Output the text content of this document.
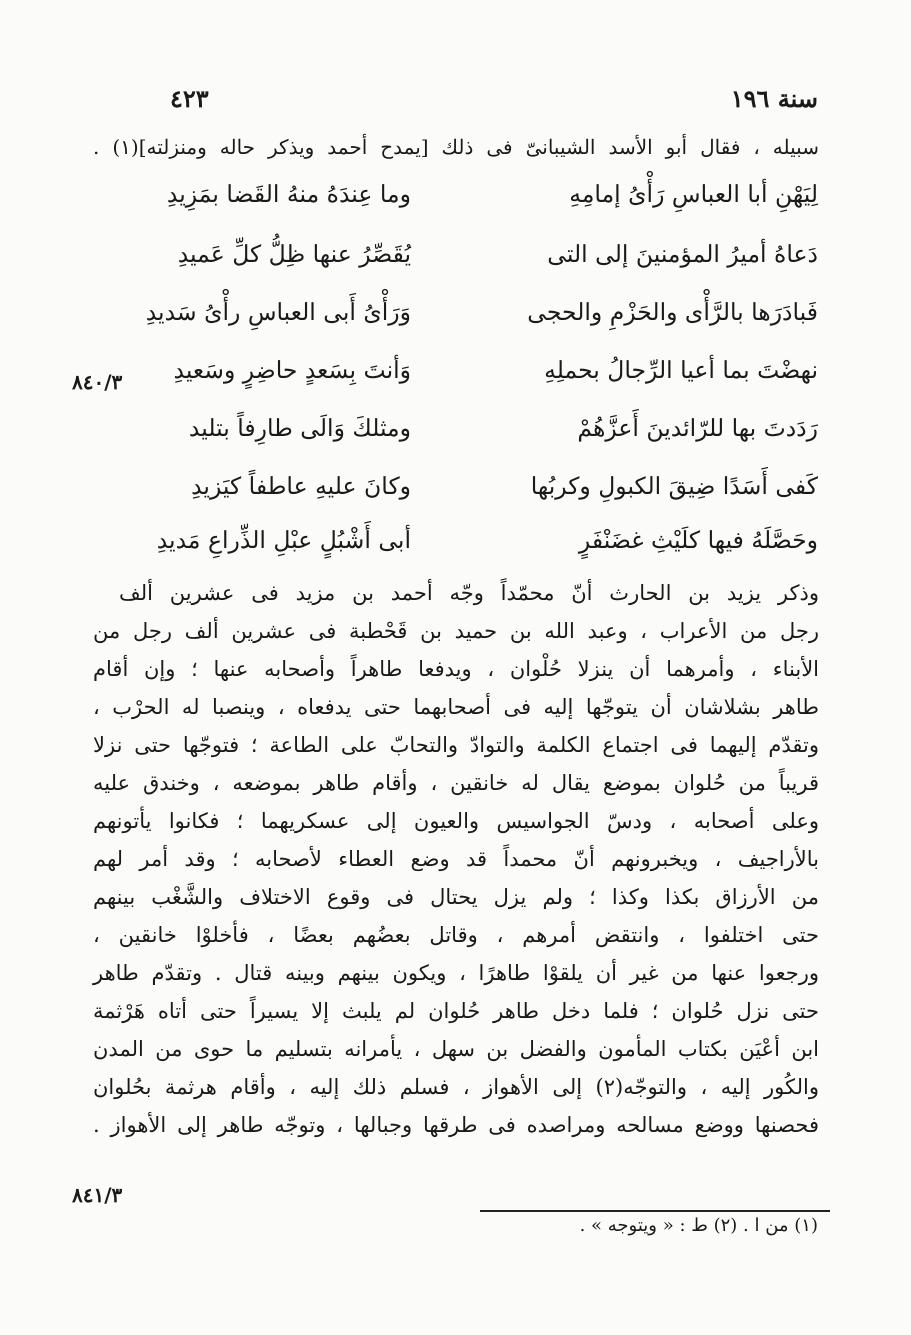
٤٢٣	سنة ١٩٦
سبيله ، فقال أبو الأسد الشيبانىّ فى ذلك [يمدح أحمد ويذكر حاله ومنزلته](١) .
لِيَهْنِ أبا العباسِ رَأْىُ إمامِهِ
وما عِندَهُ منهُ القَضا بمَزِيدِ
دَعاهُ أميرُ المؤمنينَ إلى التى
يُقَصِّرُ عنها ظِلُّ كلِّ عَميدِ
فَبادَرَها بالرَّأْى والحَزْمِ والحجى
وَرَأْىُ أَبى العباسِ رأْىُ سَديدِ
نهضْتَ بما أعيا الرِّجالُ بحملِهِ
وَأنتَ بِسَعدٍ حاضِرٍ وسَعيدِ
رَدَدتَ بها للرّائدينَ أَعزَّهُمْ
ومثلكَ وَالَى طارِفاً بتليد
كَفى أَسَدًا ضِيقَ الكبولِ وكربُها
وكانَ عليهِ عاطفاً كيَزيدِ
وحَصَّلَهُ فيها كلَيْثِ غضَنْفَرٍ
أبى أَشْبُلٍ عبْلِ الذِّراعِ مَديدِ
وذكر يزيد بن الحارث أنّ محمّداً وجّه أحمد بن مزيد فى عشرين ألف
رجل من الأعراب ، وعبد الله بن حميد بن قَحْطبة فى عشرين ألف رجل من
الأبناء ، وأمرهما أن ينزلا حُلْوان ، ويدفعا طاهراً وأصحابه عنها ؛ وإن أقام
طاهر بشلاشان أن يتوجّها إليه فى أصحابهما حتى يدفعاه ، وينصبا له الحرْب ،
وتقدّم إليهما فى اجتماع الكلمة والتوادّ والتحابّ على الطاعة ؛ فتوجّها حتى نزلا
قريباً من حُلوان بموضع يقال له خانقين ، وأقام طاهر بموضعه ، وخندق عليه
وعلى أصحابه ، ودسّ الجواسيس والعيون إلى عسكريهما ؛ فكانوا يأتونهم
بالأراجيف ، ويخبرونهم أنّ محمداً قد وضع العطاء لأصحابه ؛ وقد أمر لهم
من الأرزاق بكذا وكذا ؛ ولم يزل يحتال فى وقوع الاختلاف والشَّغْب بينهم
حتى اختلفوا ، وانتقض أمرهم ، وقاتل بعضُهم بعضًا ، فأخلوْا خانقين ،
ورجعوا عنها من غير أن يلقوْا طاهرًا ، ويكون بينهم وبينه قتال . وتقدّم طاهر
حتى نزل حُلوان ؛ فلما دخل طاهر حُلوان لم يلبث إلا يسيراً حتى أتاه هَرْثمة
ابن أعْيَن بكتاب المأمون والفضل بن سهل ، يأمرانه بتسليم ما حوى من المدن
والكُور إليه ، والتوجّه(٢) إلى الأهواز ، فسلم ذلك إليه ، وأقام هرثمة بحُلوان
فحصنها ووضع مسالحه ومراصده فى طرقها وجبالها ، وتوجّه طاهر إلى الأهواز .
٨٤٠/٣
٨٤١/٣
(١) من ا . (٢) ط : « ويتوجه » .
